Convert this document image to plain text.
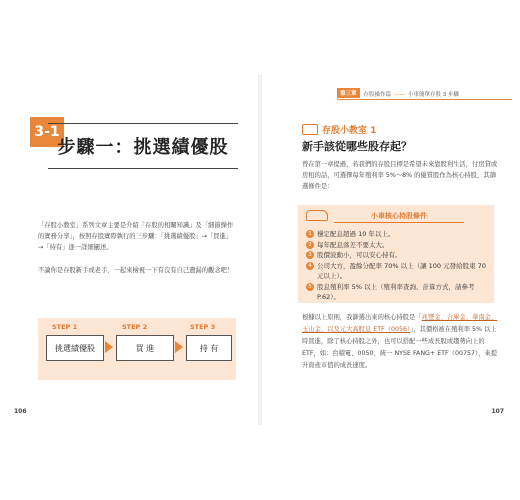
3-1
步驟一：挑選績優股
「存股小教室」系列文章主要是介紹「存股的相關知識」及「細節操作的實務分享」，按照存股實際執行的三步驟：「挑選績優股」→「買進」→「持有」逐一詳細闡述。
不論你是存股新手或老手，一起來檢視一下有沒有自己遺漏的觀念吧！
STEP 1
挑選績優股
STEP 2
買 進
STEP 3
持 有
106
第三章	存股操作篇 —— 小車簡單存股 3 步驟
存股小教室 1
新手該從哪些股存起？
曾在第一章提過，若我們的存股目標是希望未來靠股利生活，付房貸或房租的話，可選擇每年殖利率 5%～8% 的優質股作為核心持股，其篩選條件是：
小車核心持股條件
1 穩定配息超過 10 年以上。
2 每年配息落差不要太大。
3 股價波動小，可以安心持有。
4 公司大方，盈餘分配率 70% 以上（讓 100 元發給股東 70 元以上）。
5 股息殖利率 5% 以上（殖利率查詢、計算方式，請參考 P.62）。
根據以上原則，我篩選出來的核心持股是「兆豐金、合庫金、華南金、玉山金、以及元大高股息 ETF（0056）」，其價格被在殖利率 5% 以上時買進，除了核心持股之外，也可以搭配一些成長股或趨勢向上的 ETF，如：台積電、0050、統一 NYSE FANG+ ETF（00757），來提升資產市值的成長速度。
107
